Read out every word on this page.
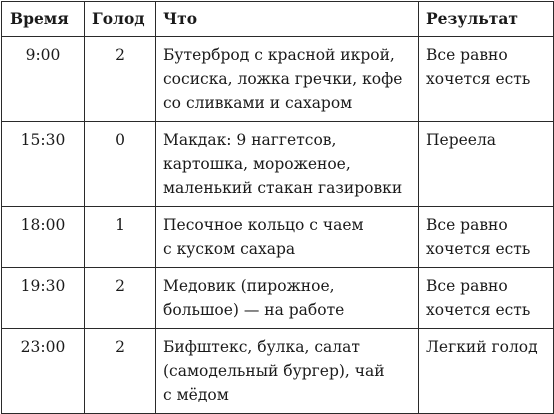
Время	Голод	Что	Результат
9:00	2	Бутерброд с красной икрой,
сосиска, ложка гречки, кофе
со сливками и сахаром	Все равно
хочется есть

15:30	0	Макдак: 9 наггетсов,
картошка, мороженое,
маленький стакан газировки	Переела

18:00	1	Песочное кольцо с чаем
с куском сахара	Все равно
хочется есть

19:30	2	Медовик (пирожное,
большое) — на работе	Все равно
хочется есть

23:00	2	Бифштекс, булка, салат
(самодельный бургер), чай
с мёдом	Легкий голод
